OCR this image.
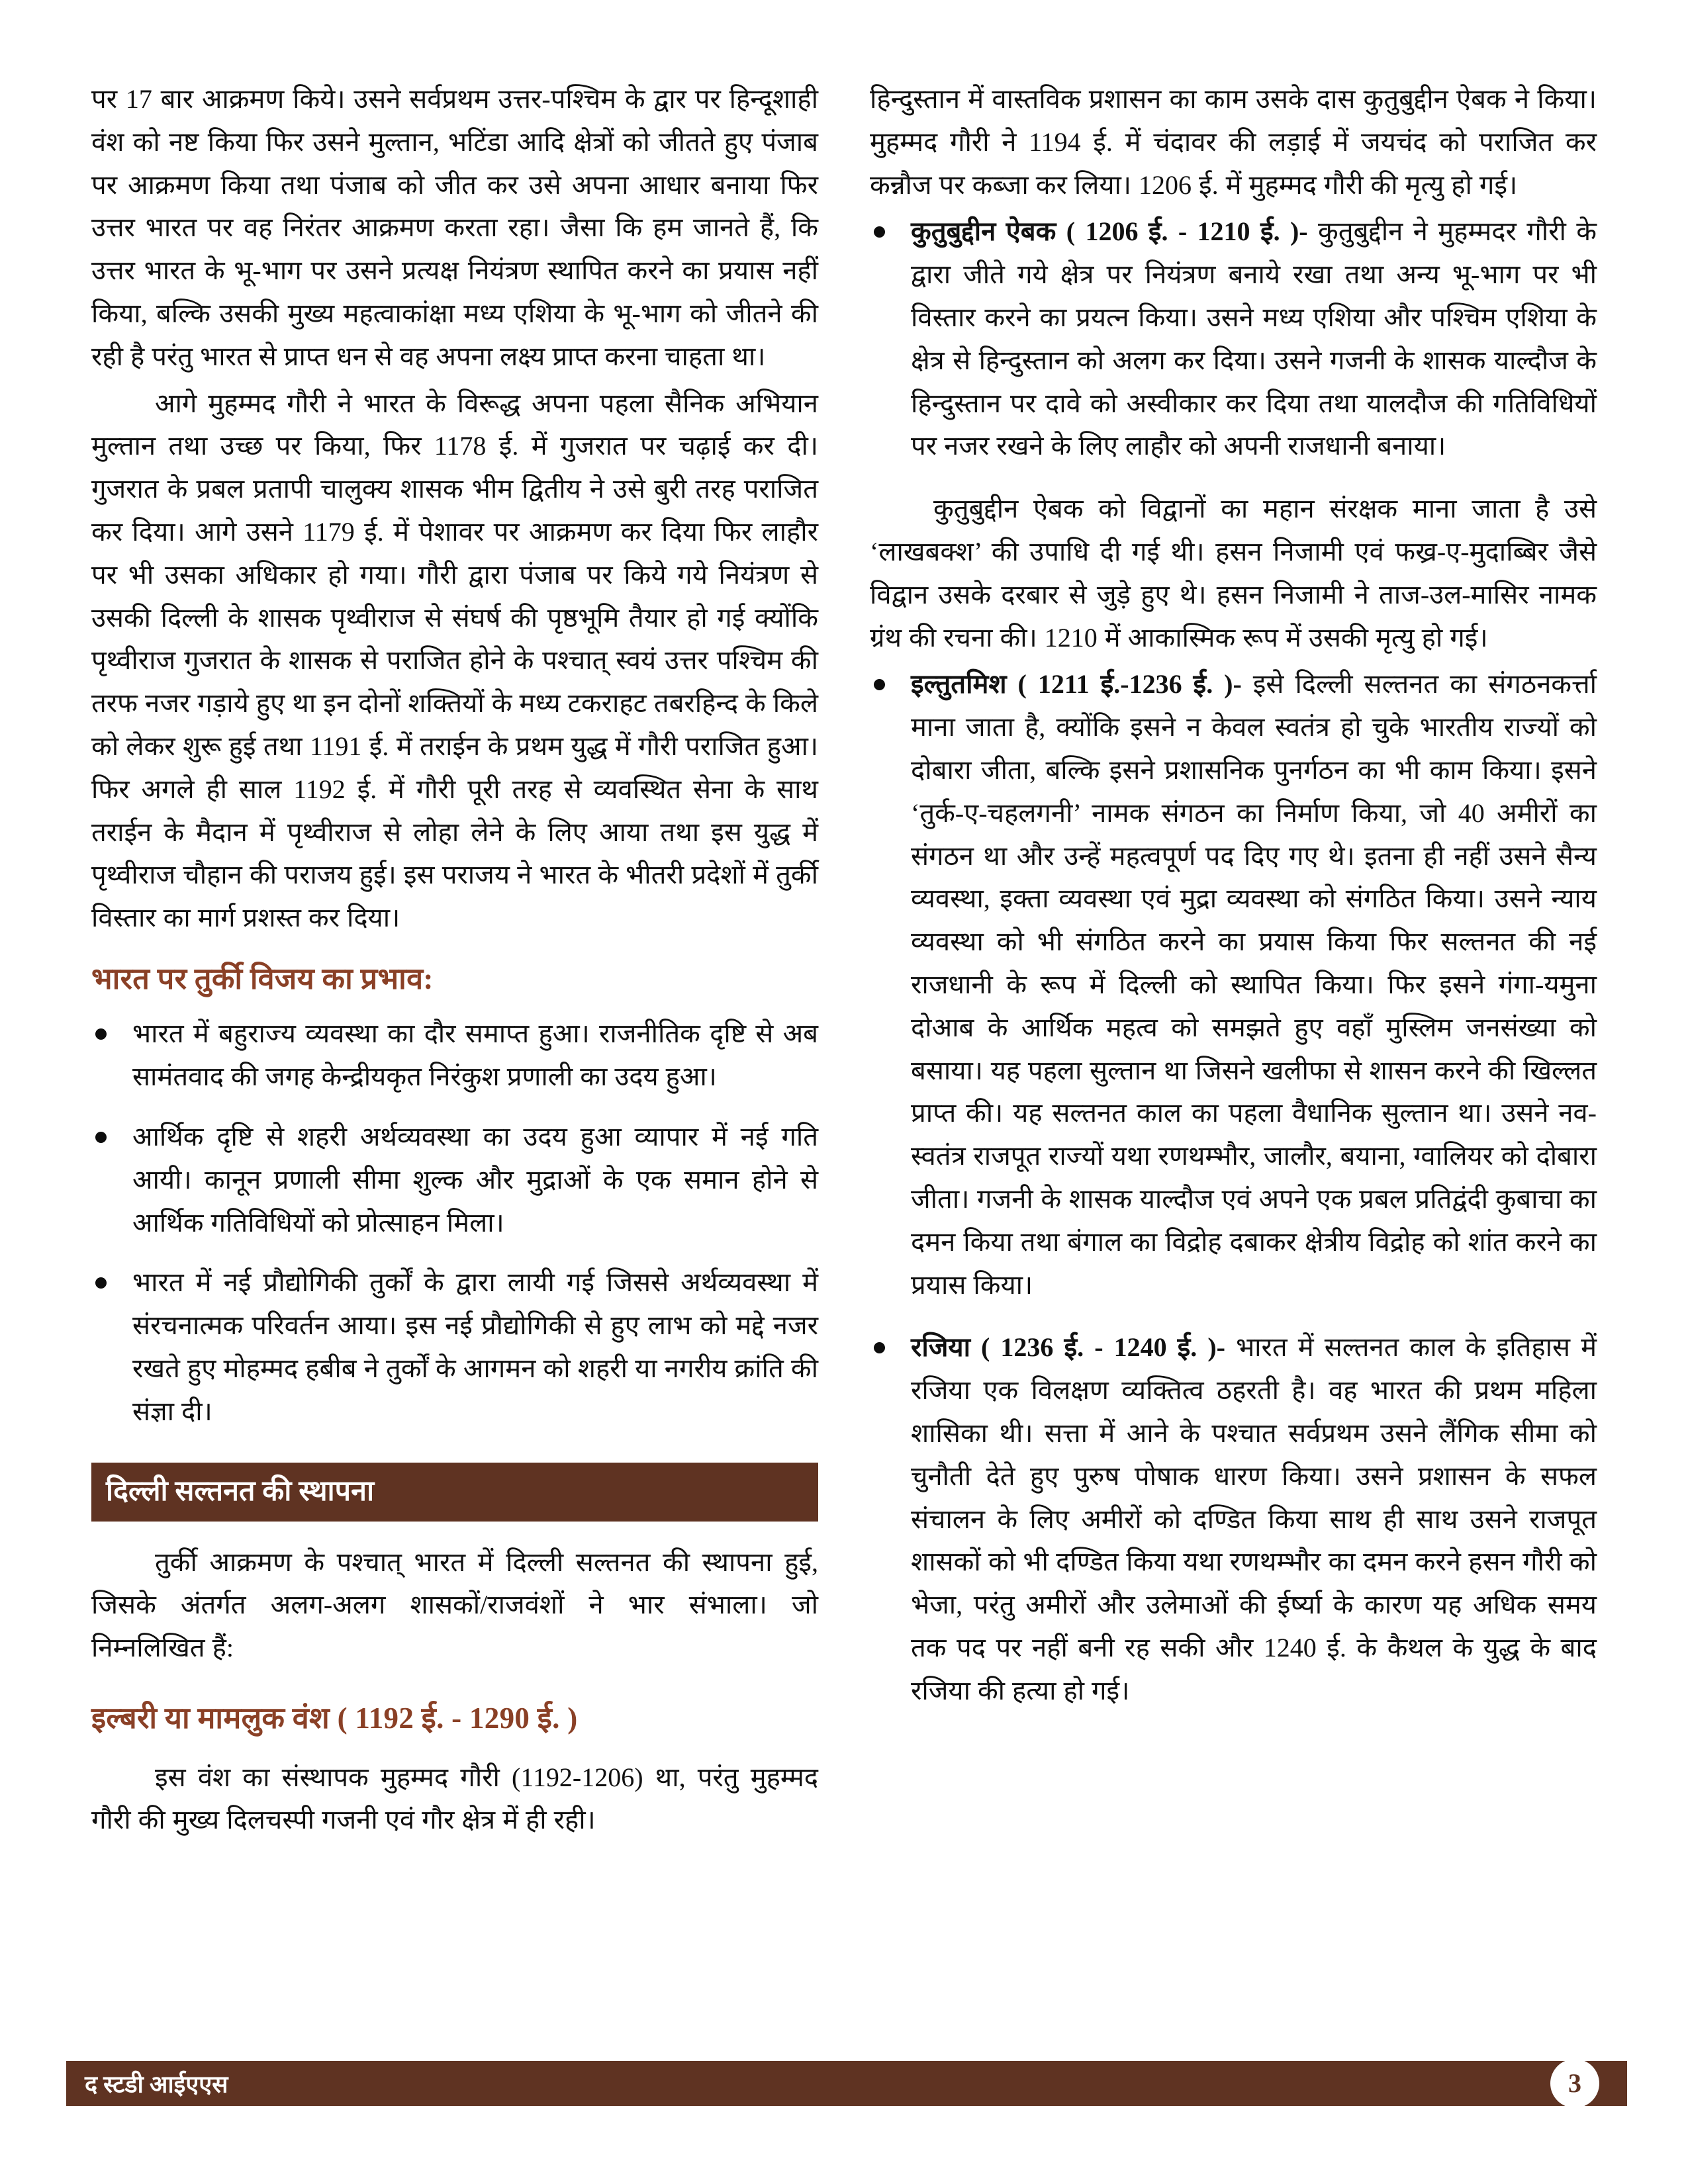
पर 17 बार आक्रमण किये। उसने सर्वप्रथम उत्तर-पश्चिम के द्वार पर हिन्दूशाही वंश को नष्ट किया फिर उसने मुल्तान, भटिंडा आदि क्षेत्रों को जीतते हुए पंजाब पर आक्रमण किया तथा पंजाब को जीत कर उसे अपना आधार बनाया फिर उत्तर भारत पर वह निरंतर आक्रमण करता रहा। जैसा कि हम जानते हैं, कि उत्तर भारत के भू-भाग पर उसने प्रत्यक्ष नियंत्रण स्थापित करने का प्रयास नहीं किया, बल्कि उसकी मुख्य महत्वाकांक्षा मध्य एशिया के भू-भाग को जीतने की रही है परंतु भारत से प्राप्त धन से वह अपना लक्ष्य प्राप्त करना चाहता था।

आगे मुहम्मद गौरी ने भारत के विरूद्ध अपना पहला सैनिक अभियान मुल्तान तथा उच्छ पर किया, फिर 1178 ई. में गुजरात पर चढ़ाई कर दी। गुजरात के प्रबल प्रतापी चालुक्य शासक भीम द्वितीय ने उसे बुरी तरह पराजित कर दिया। आगे उसने 1179 ई. में पेशावर पर आक्रमण कर दिया फिर लाहौर पर भी उसका अधिकार हो गया। गौरी द्वारा पंजाब पर किये गये नियंत्रण से उसकी दिल्ली के शासक पृथ्वीराज से संघर्ष की पृष्ठभूमि तैयार हो गई क्योंकि पृथ्वीराज गुजरात के शासक से पराजित होने के पश्चात् स्वयं उत्तर पश्चिम की तरफ नजर गड़ाये हुए था इन दोनों शक्तियों के मध्य टकराहट तबरहिन्द के किले को लेकर शुरू हुई तथा 1191 ई. में तराईन के प्रथम युद्ध में गौरी पराजित हुआ। फिर अगले ही साल 1192 ई. में गौरी पूरी तरह से व्यवस्थित सेना के साथ तराईन के मैदान में पृथ्वीराज से लोहा लेने के लिए आया तथा इस युद्ध में पृथ्वीराज चौहान की पराजय हुई। इस पराजय ने भारत के भीतरी प्रदेशों में तुर्की विस्तार का मार्ग प्रशस्त कर दिया।

भारत पर तुर्की विजय का प्रभाव:
भारत में बहुराज्य व्यवस्था का दौर समाप्त हुआ। राजनीतिक दृष्टि से अब सामंतवाद की जगह केन्द्रीयकृत निरंकुश प्रणाली का उदय हुआ।
आर्थिक दृष्टि से शहरी अर्थव्यवस्था का उदय हुआ व्यापार में नई गति आयी। कानून प्रणाली सीमा शुल्क और मुद्राओं के एक समान होने से आर्थिक गतिविधियों को प्रोत्साहन मिला।
भारत में नई प्रौद्योगिकी तुर्कों के द्वारा लायी गई जिससे अर्थव्यवस्था में संरचनात्मक परिवर्तन आया। इस नई प्रौद्योगिकी से हुए लाभ को मद्दे नजर रखते हुए मोहम्मद हबीब ने तुर्कों के आगमन को शहरी या नगरीय क्रांति की संज्ञा दी।
दिल्ली सल्तनत की स्थापना

तुर्की आक्रमण के पश्चात् भारत में दिल्ली सल्तनत की स्थापना हुई, जिसके अंतर्गत अलग-अलग शासकों/राजवंशों ने भार संभाला। जो निम्नलिखित हैं:

इल्बरी या मामलुक वंश ( 1192 ई. - 1290 ई. )

इस वंश का संस्थापक मुहम्मद गौरी (1192-1206) था, परंतु मुहम्मद गौरी की मुख्य दिलचस्पी गजनी एवं गौर क्षेत्र में ही रही।

हिन्दुस्तान में वास्तविक प्रशासन का काम उसके दास कुतुबुद्दीन ऐबक ने किया। मुहम्मद गौरी ने 1194 ई. में चंदावर की लड़ाई में जयचंद को पराजित कर कन्नौज पर कब्जा कर लिया। 1206 ई. में मुहम्मद गौरी की मृत्यु हो गई।

कुतुबुद्दीन ऐबक ( 1206 ई. - 1210 ई. )- कुतुबुद्दीन ने मुहम्मदर गौरी के द्वारा जीते गये क्षेत्र पर नियंत्रण बनाये रखा तथा अन्य भू-भाग पर भी विस्तार करने का प्रयत्न किया। उसने मध्य एशिया और पश्चिम एशिया के क्षेत्र से हिन्दुस्तान को अलग कर दिया। उसने गजनी के शासक याल्दौज के हिन्दुस्तान पर दावे को अस्वीकार कर दिया तथा यालदौज की गतिविधियों पर नजर रखने के लिए लाहौर को अपनी राजधानी बनाया।

कुतुबुद्दीन ऐबक को विद्वानों का महान संरक्षक माना जाता है उसे ‘लाखबक्श’ की उपाधि दी गई थी। हसन निजामी एवं फख्र-ए-मुदाब्बिर जैसे विद्वान उसके दरबार से जुड़े हुए थे। हसन निजामी ने ताज-उल-मासिर नामक ग्रंथ की रचना की। 1210 में आकास्मिक रूप में उसकी मृत्यु हो गई।

इल्तुतमिश ( 1211 ई.-1236 ई. )- इसे दिल्ली सल्तनत का संगठनकर्त्ता माना जाता है, क्योंकि इसने न केवल स्वतंत्र हो चुके भारतीय राज्यों को दोबारा जीता, बल्कि इसने प्रशासनिक पुनर्गठन का भी काम किया। इसने ‘तुर्क-ए-चहलगनी’ नामक संगठन का निर्माण किया, जो 40 अमीरों का संगठन था और उन्हें महत्वपूर्ण पद दिए गए थे। इतना ही नहीं उसने सैन्य व्यवस्था, इक्ता व्यवस्था एवं मुद्रा व्यवस्था को संगठित किया। उसने न्याय व्यवस्था को भी संगठित करने का प्रयास किया फिर सल्तनत की नई राजधानी के रूप में दिल्ली को स्थापित किया। फिर इसने गंगा-यमुना दोआब के आर्थिक महत्व को समझते हुए वहाँ मुस्लिम जनसंख्या को बसाया। यह पहला सुल्तान था जिसने खलीफा से शासन करने की खिल्लत प्राप्त की। यह सल्तनत काल का पहला वैधानिक सुल्तान था। उसने नव-स्वतंत्र राजपूत राज्यों यथा रणथम्भौर, जालौर, बयाना, ग्वालियर को दोबारा जीता। गजनी के शासक याल्दौज एवं अपने एक प्रबल प्रतिद्वंदी कुबाचा का दमन किया तथा बंगाल का विद्रोह दबाकर क्षेत्रीय विद्रोह को शांत करने का प्रयास किया।
रजिया ( 1236 ई. - 1240 ई. )- भारत में सल्तनत काल के इतिहास में रजिया एक विलक्षण व्यक्तित्व ठहरती है। वह भारत की प्रथम महिला शासिका थी। सत्ता में आने के पश्चात सर्वप्रथम उसने लैंगिक सीमा को चुनौती देते हुए पुरुष पोषाक धारण किया। उसने प्रशासन के सफल संचालन के लिए अमीरों को दण्डित किया साथ ही साथ उसने राजपूत शासकों को भी दण्डित किया यथा रणथम्भौर का दमन करने हसन गौरी को भेजा, परंतु अमीरों और उलेमाओं की ईर्ष्या के कारण यह अधिक समय तक पद पर नहीं बनी रह सकी और 1240 ई. के कैथल के युद्ध के बाद रजिया की हत्या हो गई।
द स्टडी आईएएस	3
